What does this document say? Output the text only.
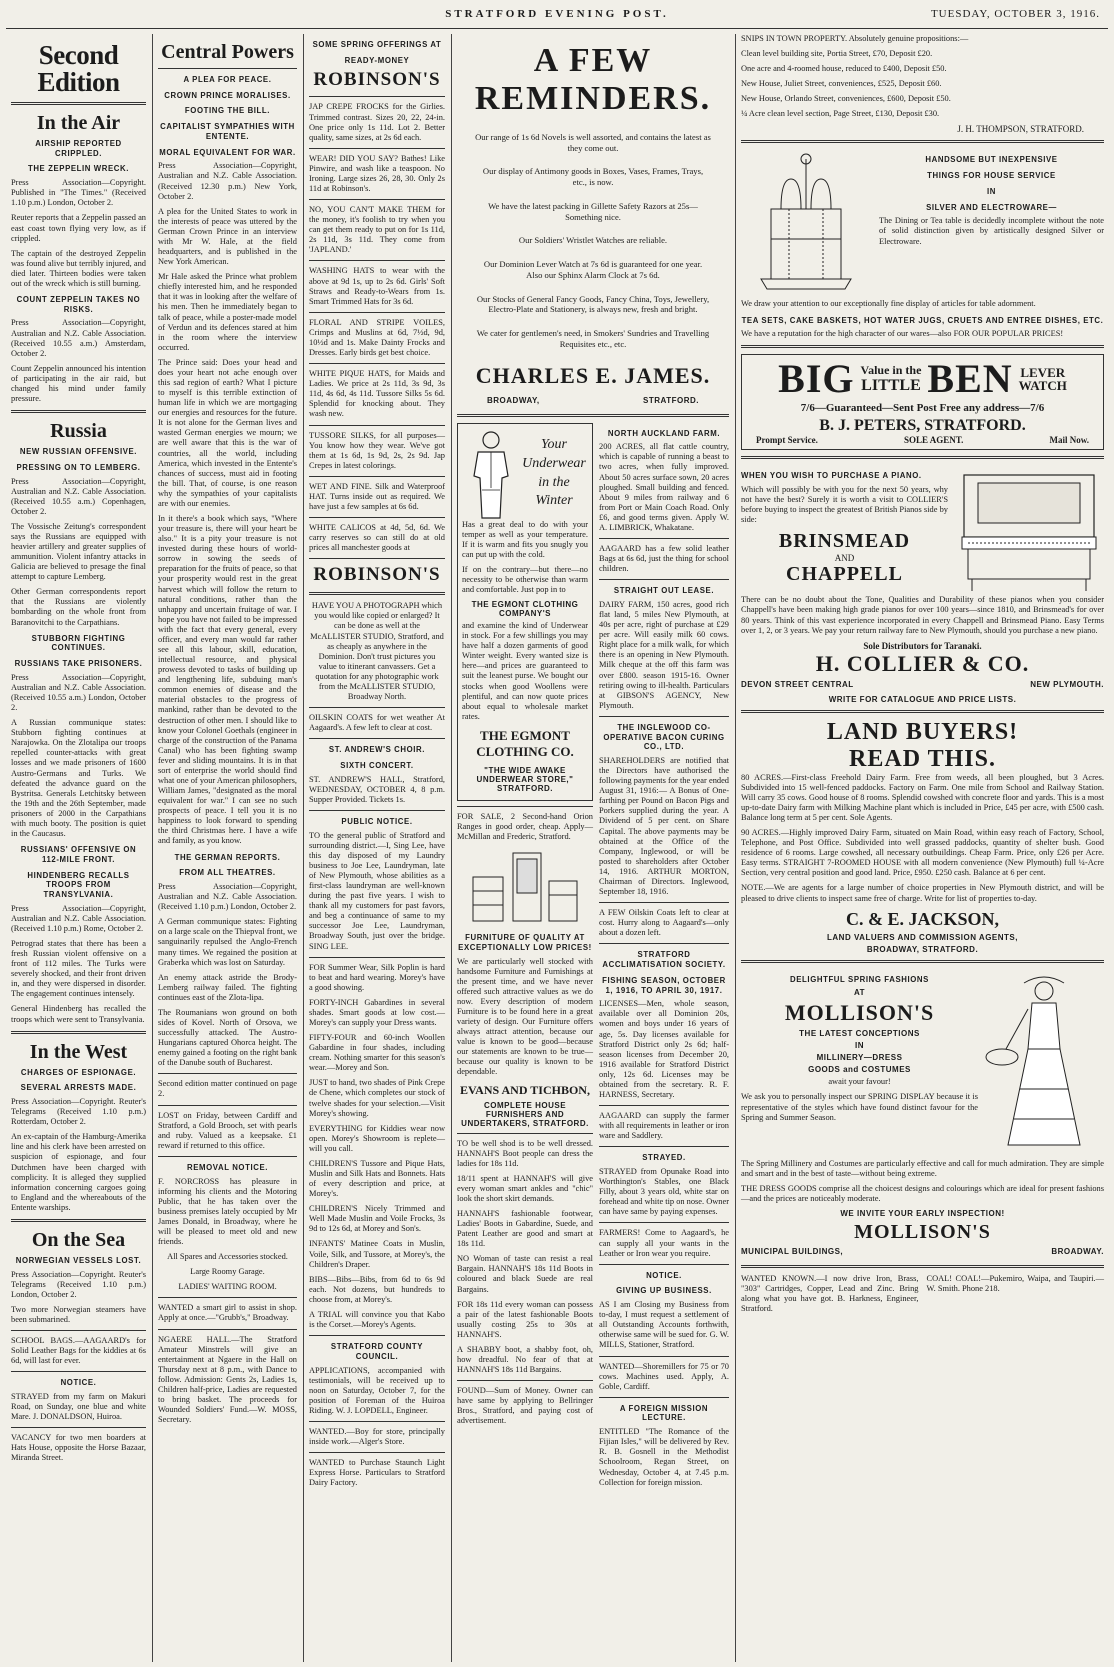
STRATFORD EVENING POST.	TUESDAY, OCTOBER 3, 1916.
Second Edition
In the Air
AIRSHIP REPORTED CRIPPLED.
THE ZEPPELIN WRECK.

Press Association—Copyright. Published in "The Times." (Received 1.10 p.m.) London, October 2.

Reuter reports that a Zeppelin passed an east coast town flying very low, as if crippled.

The captain of the destroyed Zeppelin was found alive but terribly injured, and died later. Thirteen bodies were taken out of the wreck which is still burning.

COUNT ZEPPELIN TAKES NO RISKS.

Press Association—Copyright, Australian and N.Z. Cable Association. (Received 10.55 a.m.) Amsterdam, October 2.

Count Zeppelin announced his intention of participating in the air raid, but changed his mind under family pressure.

Russia
NEW RUSSIAN OFFENSIVE.
PRESSING ON TO LEMBERG.

Press Association—Copyright, Australian and N.Z. Cable Association. (Received 10.55 a.m.) Copenhagen, October 2.

The Vossische Zeitung's correspondent says the Russians are equipped with heavier artillery and greater supplies of ammunition. Violent infantry attacks in Galicia are believed to presage the final attempt to capture Lemberg.

Other German correspondents report that the Russians are violently bombarding on the whole front from Baranovitchi to the Carpathians.

STUBBORN FIGHTING CONTINUES.
RUSSIANS TAKE PRISONERS.

Press Association—Copyright, Australian and N.Z. Cable Association. (Received 10.55 a.m.) London, October 2.

A Russian communique states: Stubborn fighting continues at Narajowka. On the Zlotalipa our troops repelled counter-attacks with great losses and we made prisoners of 1600 Austro-Germans and Turks. We defeated the advance guard on the Bystritsa. Generals Letchitsky between the 19th and the 26th September, made prisoners of 2000 in the Carpathians with much booty. The position is quiet in the Caucasus.

RUSSIANS' OFFENSIVE ON 112-MILE FRONT.
HINDENBERG RECALLS TROOPS FROM TRANSYLVANIA.

Press Association—Copyright, Australian and N.Z. Cable Association. (Received 1.10 p.m.) Rome, October 2.

Petrograd states that there has been a fresh Russian violent offensive on a front of 112 miles. The Turks were severely shocked, and their front driven in, and they were dispersed in disorder. The engagement continues intensely.

General Hindenberg has recalled the troops which were sent to Transylvania.

In the West
CHARGES OF ESPIONAGE.
SEVERAL ARRESTS MADE.

Press Association—Copyright. Reuter's Telegrams (Received 1.10 p.m.) Rotterdam, October 2.

An ex-captain of the Hamburg-Amerika line and his clerk have been arrested on suspicion of espionage, and four Dutchmen have been charged with complicity. It is alleged they supplied information concerning cargoes going to England and the whereabouts of the Entente warships.

On the Sea
NORWEGIAN VESSELS LOST.

Press Association—Copyright. Reuter's Telegrams (Received 1.10 p.m.) London, October 2.

Two more Norwegian steamers have been submarined.

SCHOOL BAGS.—AAGAARD's for Solid Leather Bags for the kiddies at 6s 6d, will last for ever.

NOTICE.

STRAYED from my farm on Makuri Road, on Sunday, one blue and white Mare. J. DONALDSON, Huiroa.

VACANCY for two men boarders at Hats House, opposite the Horse Bazaar, Miranda Street.

Central Powers
A PLEA FOR PEACE.
CROWN PRINCE MORALISES.
FOOTING THE BILL.
CAPITALIST SYMPATHIES WITH ENTENTE.
MORAL EQUIVALENT FOR WAR.

Press Association—Copyright, Australian and N.Z. Cable Association. (Received 12.30 p.m.) New York, October 2.

A plea for the United States to work in the interests of peace was uttered by the German Crown Prince in an interview with Mr W. Hale, at the field headquarters, and is published in the New York American.

Mr Hale asked the Prince what problem chiefly interested him, and he responded that it was in looking after the welfare of his men. Then he immediately began to talk of peace, while a poster-made model of Verdun and its defences stared at him in the room where the interview occurred.

The Prince said: Does your head and does your heart not ache enough over this sad region of earth? What I picture to myself is this terrible extinction of human life in which we are mortgaging our energies and resources for the future. It is not alone for the German lives and wasted German energies we mourn; we are well aware that this is the war of countries, all the world, including America, which invested in the Entente's chances of success, must aid in footing the bill. That, of course, is one reason why the sympathies of your capitalists are with our enemies.

In it there's a book which says, "Where your treasure is, there will your heart be also." It is a pity your treasure is not invested during these hours of world-sorrow in sowing the seeds of preparation for the fruits of peace, so that your prosperity would rest in the great harvest which will follow the return to natural conditions, rather than the unhappy and uncertain fruitage of war. I hope you have not failed to be impressed with the fact that every general, every officer, and every man would far rather see all this labour, skill, education, intellectual resource, and physical prowess devoted to tasks of building up and lengthening life, subduing man's common enemies of disease and the material obstacles to the progress of mankind, rather than be devoted to the destruction of other men. I should like to know your Colonel Goethals (engineer in charge of the construction of the Panama Canal) who has been fighting swamp fever and sliding mountains. It is in that sort of enterprise the world should find what one of your American philosophers, William James, "designated as the moral equivalent for war." I can see no such prospects of peace. I tell you it is no happiness to look forward to spending the third Christmas here. I have a wife and family, as you know.

THE GERMAN REPORTS.
FROM ALL THEATRES.

Press Association—Copyright, Australian and N.Z. Cable Association. (Received 1.10 p.m.) London, October 2.

A German communique states: Fighting on a large scale on the Thiepval front, we sanguinarily repulsed the Anglo-French many times. We regained the position at Graberka which was lost on Saturday.

An enemy attack astride the Brody-Lemberg railway failed. The fighting continues east of the Zlota-lipa.

The Roumanians won ground on both sides of Kovel. North of Orsova, we successfully attacked. The Austro-Hungarians captured Ohorca height. The enemy gained a footing on the right bank of the Danube south of Bucharest.

Second edition matter continued on page 2.

LOST on Friday, between Cardiff and Stratford, a Gold Brooch, set with pearls and ruby. Valued as a keepsake. £1 reward if returned to this office.

REMOVAL NOTICE.

F. NORCROSS has pleasure in informing his clients and the Motoring Public, that he has taken over the business premises lately occupied by Mr James Donald, in Broadway, where he will be pleased to meet old and new friends.

All Spares and Accessories stocked.

Large Roomy Garage.

LADIES' WAITING ROOM.

WANTED a smart girl to assist in shop. Apply at once.—"Grubb's," Broadway.

NGAERE HALL.—The Stratford Amateur Minstrels will give an entertainment at Ngaere in the Hall on Thursday next at 8 p.m., with Dance to follow. Admission: Gents 2s, Ladies 1s, Children half-price, Ladies are requested to bring basket. The proceeds for Wounded Soldiers' Fund.—W. MOSS, Secretary.

SOME SPRING OFFERINGS AT
READY-MONEY
ROBINSON'S

JAP CREPE FROCKS for the Girlies. Trimmed contrast. Sizes 20, 22, 24-in. One price only 1s 11d. Lot 2. Better quality, same sizes, at 2s 6d each.

WEAR! DID YOU SAY? Bathes! Like Pinwire, and wash like a teaspoon. No Ironing. Large sizes 26, 28, 30. Only 2s 11d at Robinson's.

NO, YOU CAN'T MAKE THEM for the money, it's foolish to try when you can get them ready to put on for 1s 11d, 2s 11d, 3s 11d. They come from 'JAPLAND.'

WASHING HATS to wear with the above at 9d 1s, up to 2s 6d. Girls' Soft Straws and Ready-to-Wears from 1s. Smart Trimmed Hats for 3s 6d.

FLORAL AND STRIPE VOILES, Crimps and Muslins at 6d, 7½d, 9d, 10½d and 1s. Make Dainty Frocks and Dresses. Early birds get best choice.

WHITE PIQUE HATS, for Maids and Ladies. We price at 2s 11d, 3s 9d, 3s 11d, 4s 6d, 4s 11d. Tussore Silks 5s 6d. Splendid for knocking about. They wash new.

TUSSORE SILKS, for all purposes—You know how they wear. We've got them at 1s 6d, 1s 9d, 2s, 2s 9d. Jap Crepes in latest colorings.

WET AND FINE. Silk and Waterproof HAT. Turns inside out as required. We have just a few samples at 6s 6d.

WHITE CALICOS at 4d, 5d, 6d. We carry reserves so can still do at old prices all manchester goods at

ROBINSON'S

HAVE YOU A PHOTOGRAPH which you would like copied or enlarged? It can be done as well at the McALLISTER STUDIO, Stratford, and as cheaply as anywhere in the Dominion. Don't trust pictures you value to itinerant canvassers. Get a quotation for any photographic work from the McALLISTER STUDIO, Broadway North.

OILSKIN COATS for wet weather At Aagaard's. A few left to clear at cost.

ST. ANDREW'S CHOIR.
SIXTH CONCERT.

ST. ANDREW'S HALL, Stratford, WEDNESDAY, OCTOBER 4, 8 p.m. Supper Provided. Tickets 1s.

PUBLIC NOTICE.

TO the general public of Stratford and surrounding district.—I, Sing Lee, have this day disposed of my Laundry business to Joe Lee, Laundryman, late of New Plymouth, whose abilities as a first-class laundryman are well-known during the past five years. I wish to thank all my customers for past favors, and beg a continuance of same to my successor Joe Lee, Laundryman, Broadway South, just over the bridge. SING LEE.

FOR Summer Wear, Silk Poplin is hard to beat and hard wearing. Morey's have a good showing.

FORTY-INCH Gabardines in several shades. Smart goods at low cost.—Morey's can supply your Dress wants.

FIFTY-FOUR and 60-inch Woollen Gabardine in four shades, including cream. Nothing smarter for this season's wear.—Morey and Son.

JUST to hand, two shades of Pink Crepe de Chene, which completes our stock of twelve shades for your selection.—Visit Morey's showing.

EVERYTHING for Kiddies wear now open. Morey's Showroom is replete—will you call.

CHILDREN'S Tussore and Pique Hats, Muslin and Silk Hats and Bonnets. Hats of every description and price, at Morey's.

CHILDREN'S Nicely Trimmed and Well Made Muslin and Voile Frocks, 3s 9d to 12s 6d, at Morey and Son's.

INFANTS' Matinee Coats in Muslin, Voile, Silk, and Tussore, at Morey's, the Children's Draper.

BIBS—Bibs—Bibs, from 6d to 6s 9d each. Not dozens, but hundreds to choose from, at Morey's.

A TRIAL will convince you that Kabo is the Corset.—Morey's Agents.

STRATFORD COUNTY COUNCIL.

APPLICATIONS, accompanied with testimonials, will be received up to noon on Saturday, October 7, for the position of Foreman of the Huiroa Riding. W. J. LOPDELL, Engineer.

WANTED.—Boy for store, principally inside work.—Alger's Store.

WANTED to Purchase Staunch Light Express Horse. Particulars to Stratford Dairy Factory.

A FEW REMINDERS.

Our range of 1s 6d Novels is well assorted, and contains the latest as they come out.

Our display of Antimony goods in Boxes, Vases, Frames, Trays, etc., is now.

We have the latest packing in Gillette Safety Razors at 25s—Something nice.

Our Soldiers' Wristlet Watches are reliable.

Our Dominion Lever Watch at 7s 6d is guaranteed for one year. Also our Sphinx Alarm Clock at 7s 6d.

Our Stocks of General Fancy Goods, Fancy China, Toys, Jewellery, Electro-Plate and Stationery, is always new, fresh and bright.

We cater for gentlemen's need, in Smokers' Sundries and Travelling Requisites etc., etc.

CHARLES E. JAMES.
BROADWAY,	STRATFORD.
Your Underwear in the Winter

Has a great deal to do with your temper as well as your temperature. If it is warm and fits you snugly you can put up with the cold.

If on the contrary—but there—no necessity to be otherwise than warm and comfortable. Just pop in to

THE EGMONT CLOTHING COMPANY'S

and examine the kind of Underwear in stock. For a few shillings you may have half a dozen garments of good Winter weight. Every wanted size is here—and prices are guaranteed to suit the leanest purse. We bought our stocks when good Woollens were plentiful, and can now quote prices about equal to wholesale market rates.

THE EGMONT CLOTHING CO.
"THE WIDE AWAKE UNDERWEAR STORE," STRATFORD.

FOR SALE, 2 Second-hand Orion Ranges in good order, cheap. Apply—McMillan and Frederic, Stratford.

FURNITURE OF QUALITY AT EXCEPTIONALLY LOW PRICES!

We are particularly well stocked with handsome Furniture and Furnishings at the present time, and we have never offered such attractive values as we do now. Every description of modern Furniture is to be found here in a great variety of design. Our Furniture offers always attract attention, because our value is known to be good—because our statements are known to be true—because our quality is known to be dependable.

EVANS AND TICHBON,
COMPLETE HOUSE FURNISHERS AND UNDERTAKERS, STRATFORD.

TO be well shod is to be well dressed. HANNAH'S Boot people can dress the ladies for 18s 11d.

18/11 spent at HANNAH'S will give every woman smart ankles and "chic" look the short skirt demands.

HANNAH'S fashionable footwear, Ladies' Boots in Gabardine, Suede, and Patent Leather are good and smart at 18s 11d.

NO Woman of taste can resist a real Bargain. HANNAH'S 18s 11d Boots in coloured and black Suede are real Bargains.

FOR 18s 11d every woman can possess a pair of the latest fashionable Boots usually costing 25s to 30s at HANNAH'S.

A SHABBY boot, a shabby foot, oh, how dreadful. No fear of that at HANNAH'S 18s 11d Bargains.

FOUND—Sum of Money. Owner can have same by applying to Bellringer Bros., Stratford, and paying cost of advertisement.

NORTH AUCKLAND FARM.

200 ACRES, all flat cattle country, which is capable of running a beast to two acres, when fully improved. About 50 acres surface sown, 20 acres ploughed. Small building and fenced. About 9 miles from railway and 6 from Port or Main Coach Road. Only £6, and good terms given. Apply W. A. LIMBRICK, Whakatane.

AAGAARD has a few solid leather Bags at 6s 6d, just the thing for school children.

STRAIGHT OUT LEASE.

DAIRY FARM, 150 acres, good rich flat land, 5 miles New Plymouth, at 40s per acre, right of purchase at £29 per acre. Will easily milk 60 cows. Right place for a milk walk, for which there is an opening in New Plymouth. Milk cheque at the off this farm was over £800. season 1915-16. Owner retiring owing to ill-health. Particulars at GIBSON'S AGENCY, New Plymouth.

THE INGLEWOOD CO-OPERATIVE BACON CURING CO., LTD.

SHAREHOLDERS are notified that the Directors have authorised the following payments for the year ended August 31, 1916:— A Bonus of One-farthing per Pound on Bacon Pigs and Porkers supplied during the year. A Dividend of 5 per cent. on Share Capital. The above payments may be obtained at the Office of the Company, Inglewood, or will be posted to shareholders after October 14, 1916. ARTHUR MORTON, Chairman of Directors. Inglewood, September 18, 1916.

A FEW Oilskin Coats left to clear at cost. Hurry along to Aagaard's—only about a dozen left.

STRATFORD ACCLIMATISATION SOCIETY.
FISHING SEASON, OCTOBER 1, 1916, TO APRIL 30, 1917.

LICENSES—Men, whole season, available over all Dominion 20s, women and boys under 16 years of age, 5s. Day licenses available for Stratford District only 2s 6d; half-season licenses from December 20, 1916 available for Stratford District only, 12s 6d. Licenses may be obtained from the secretary. R. F. HARNESS, Secretary.

AAGAARD can supply the farmer with all requirements in leather or iron ware and Saddlery.

STRAYED.

STRAYED from Opunake Road into Worthington's Stables, one Black Filly, about 3 years old, white star on forehead and white tip on nose. Owner can have same by paying expenses.

FARMERS! Come to Aagaard's, he can supply all your wants in the Leather or Iron wear you require.

NOTICE.
GIVING UP BUSINESS.

AS I am Closing my Business from to-day, I must request a settlement of all Outstanding Accounts forthwith, otherwise same will be sued for. G. W. MILLS, Stationer, Stratford.

WANTED—Shoremillers for 75 or 70 cows. Machines used. Apply, A. Goble, Cardiff.

A FOREIGN MISSION LECTURE.

ENTITLED "The Romance of the Fijian Isles," will be delivered by Rev. R. B. Gosnell in the Methodist Schoolroom, Regan Street, on Wednesday, October 4, at 7.45 p.m. Collection for foreign mission.

SNIPS IN TOWN PROPERTY. Absolutely genuine propositions:—

Clean level building site, Portia Street, £70, Deposit £20.

One acre and 4-roomed house, reduced to £400, Deposit £50.

New House, Juliet Street, conveniences, £525, Deposit £60.

New House, Orlando Street, conveniences, £600, Deposit £50.

¼ Acre clean level section, Page Street, £130, Deposit £30.

J. H. THOMPSON, STRATFORD.
HANDSOME BUT INEXPENSIVE
THINGS FOR HOUSE SERVICE
IN
SILVER AND ELECTROWARE—

The Dining or Tea table is decidedly incomplete without the note of solid distinction given by artistically designed Silver or Electroware.

We draw your attention to our exceptionally fine display of articles for table adornment.

TEA SETS, CAKE BASKETS, HOT WATER JUGS, CRUETS AND ENTREE DISHES, ETC.

We have a reputation for the high character of our wares—also FOR OUR POPULAR PRICES!

BIG Value in the
LITTLE BEN LEVER
WATCH
7/6—Guaranteed—Sent Post Free any address—7/6
B. J. PETERS, STRATFORD.
Prompt Service.	SOLE AGENT.	Mail Now.
WHEN YOU WISH TO PURCHASE A PIANO.

Which will possibly be with you for the next 50 years, why not have the best? Surely it is worth a visit to COLLIER'S before buying to inspect the greatest of British Pianos side by side:

BRINSMEAD
AND
CHAPPELL

There can be no doubt about the Tone, Qualities and Durability of these pianos when you consider Chappell's have been making high grade pianos for over 100 years—since 1810, and Brinsmead's for over 80 years. Think of this vast experience incorporated in every Chappell and Brinsmead Piano. Easy Terms over 1, 2, or 3 years. We pay your return railway fare to New Plymouth, should you purchase a new piano.

Sole Distributors for Taranaki.
H. COLLIER & CO.
DEVON STREET CENTRAL	NEW PLYMOUTH.
WRITE FOR CATALOGUE AND PRICE LISTS.
LAND BUYERS!
READ THIS.

80 ACRES.—First-class Freehold Dairy Farm. Free from weeds, all been ploughed, but 3 Acres. Subdivided into 15 well-fenced paddocks. Factory on Farm. One mile from School and Railway Station. Will carry 35 cows. Good house of 8 rooms. Splendid cowshed with concrete floor and yards. This is a most up-to-date Dairy farm with Milking Machine plant which is included in Price, £45 per acre, with £500 cash. Balance long term at 5 per cent. Sole Agents.

90 ACRES.—Highly improved Dairy Farm, situated on Main Road, within easy reach of Factory, School, Telephone, and Post Office. Subdivided into well grassed paddocks, quantity of shelter bush. Good residence of 6 rooms. Large cowshed, all necessary outbuildings. Cheap Farm. Price, only £26 per Acre. Easy terms. STRAIGHT 7-ROOMED HOUSE with all modern convenience (New Plymouth) full ¼-Acre Section, very central position and good land. Price, £950. £250 cash. Balance at 6 per cent.

NOTE.—We are agents for a large number of choice properties in New Plymouth district, and will be pleased to drive clients to inspect same free of charge. Write for list of properties to-day.

C. & E. JACKSON,
LAND VALUERS AND COMMISSION AGENTS,
BROADWAY, STRATFORD.
DELIGHTFUL SPRING FASHIONS
AT
MOLLISON'S
THE LATEST CONCEPTIONS
IN
MILLINERY—DRESS
GOODS and COSTUMES

await your favour!

We ask you to personally inspect our SPRING DISPLAY because it is representative of the styles which have found distinct favour for the Spring and Summer Season.

The Spring Millinery and Costumes are particularly effective and call for much admiration. They are simple and smart and in the best of taste—without being extreme.

THE DRESS GOODS comprise all the choicest designs and colourings which are ideal for present fashions—and the prices are noticeably moderate.

WE INVITE YOUR EARLY INSPECTION!
MOLLISON'S
MUNICIPAL BUILDINGS,	BROADWAY.

WANTED KNOWN.—I now drive Iron, Brass, "303" Cartridges, Copper, Lead and Zinc. Bring along what you have got. B. Harkness, Engineer, Stratford.

COAL! COAL!—Pukemiro, Waipa, and Taupiri.—W. Smith. Phone 218.
